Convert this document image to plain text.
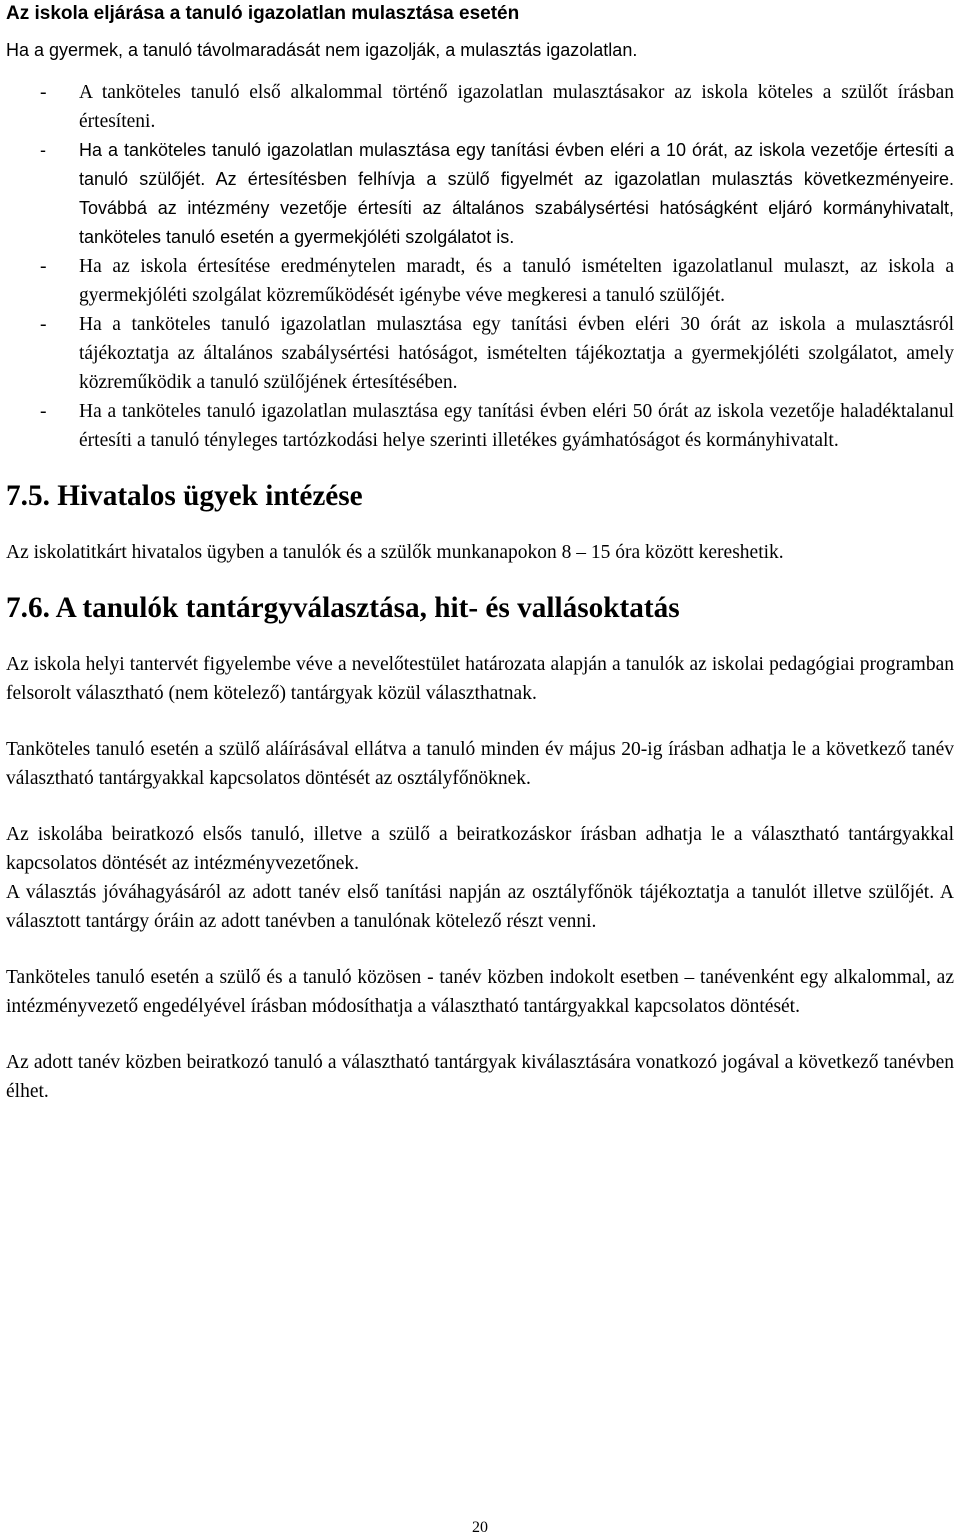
Az iskola eljárása a tanuló igazolatlan mulasztása esetén

Ha a gyermek, a tanuló távolmaradását nem igazolják, a mulasztás igazolatlan.

- A tanköteles tanuló első alkalommal történő igazolatlan mulasztásakor az iskola köteles a szülőt írásban értesíteni.
- Ha a tanköteles tanuló igazolatlan mulasztása egy tanítási évben eléri a 10 órát, az iskola vezetője értesíti a tanuló szülőjét. Az értesítésben felhívja a szülő figyelmét az igazolatlan mulasztás következményeire. Továbbá az intézmény vezetője értesíti az általános szabálysértési hatóságként eljáró kormányhivatalt, tanköteles tanuló esetén a gyermekjóléti szolgálatot is.
- Ha az iskola értesítése eredménytelen maradt, és a tanuló ismételten igazolatlanul mulaszt, az iskola a gyermekjóléti szolgálat közreműködését igénybe véve megkeresi a tanuló szülőjét.
- Ha a tanköteles tanuló igazolatlan mulasztása egy tanítási évben eléri 30 órát az iskola a mulasztásról tájékoztatja az általános szabálysértési hatóságot, ismételten tájékoztatja a gyermekjóléti szolgálatot, amely közreműködik a tanuló szülőjének értesítésében.
- Ha a tanköteles tanuló igazolatlan mulasztása egy tanítási évben eléri 50 órát az iskola vezetője haladéktalanul értesíti a tanuló tényleges tartózkodási helye szerinti illetékes gyámhatóságot és kormányhivatalt.
7.5. Hivatalos ügyek intézése

Az iskolatitkárt hivatalos ügyben a tanulók és a szülők munkanapokon 8 – 15 óra között kereshetik.

7.6. A tanulók tantárgyválasztása, hit- és vallásoktatás

Az iskola helyi tantervét figyelembe véve a nevelőtestület határozata alapján a tanulók az iskolai pedagógiai programban felsorolt választható (nem kötelező) tantárgyak közül választhatnak.

Tanköteles tanuló esetén a szülő aláírásával ellátva a tanuló minden év május 20-ig írásban adhatja le a következő tanév választható tantárgyakkal kapcsolatos döntését az osztályfőnöknek.

Az iskolába beiratkozó elsős tanuló, illetve a szülő a beiratkozáskor írásban adhatja le a választható tantárgyakkal kapcsolatos döntését az intézményvezetőnek.

A választás jóváhagyásáról az adott tanév első tanítási napján az osztályfőnök tájékoztatja a tanulót illetve szülőjét. A választott tantárgy óráin az adott tanévben a tanulónak kötelező részt venni.

Tanköteles tanuló esetén a szülő és a tanuló közösen - tanév közben indokolt esetben – tanévenként egy alkalommal, az intézményvezető engedélyével írásban módosíthatja a választható tantárgyakkal kapcsolatos döntését.

Az adott tanév közben beiratkozó tanuló a választható tantárgyak kiválasztására vonatkozó jogával a következő tanévben élhet.

20
